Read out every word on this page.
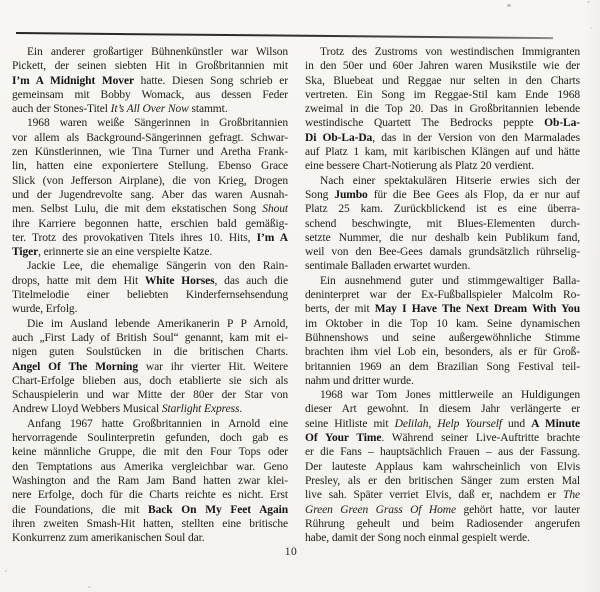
Ein anderer großartiger Bühnenkünstler war Wilson
Pickett, der seinen siebten Hit in Großbritannien mit
I’m A Midnight Mover hatte. Diesen Song schrieb er
gemeinsam mit Bobby Womack, aus dessen Feder
auch der Stones-Titel It’s All Over Now stammt.
1968 waren weiße Sängerinnen in Großbritannien
vor allem als Background-Sängerinnen gefragt. Schwar-
zen Künstlerinnen, wie Tina Turner und Aretha Frank-
lin, hatten eine exponiertere Stellung. Ebenso Grace
Slick (von Jefferson Airplane), die von Krieg, Drogen
und der Jugendrevolte sang. Aber das waren Ausnah-
men. Selbst Lulu, die mit dem ekstatischen Song Shout
ihre Karriere begonnen hatte, erschien bald gemäßig-
ter. Trotz des provokativen Titels ihres 10. Hits, I’m A
Tiger, erinnerte sie an eine verspielte Katze.
Jackie Lee, die ehemalige Sängerin von den Rain-
drops, hatte mit dem Hit White Horses, das auch die
Titelmelodie einer beliebten Kinderfernsehsendung
wurde, Erfolg.
Die im Ausland lebende Amerikanerin P P Arnold,
auch „First Lady of British Soul“ genannt, kam mit ei-
nigen guten Soulstücken in die britischen Charts.
Angel Of The Morning war ihr vierter Hit. Weitere
Chart-Erfolge blieben aus, doch etablierte sie sich als
Schauspielerin und war Mitte der 80er der Star von
Andrew Lloyd Webbers Musical Starlight Express.
Anfang 1967 hatte Großbritannien in Arnold eine
hervorragende Soulinterpretin gefunden, doch gab es
keine männliche Gruppe, die mit den Four Tops oder
den Temptations aus Amerika vergleichbar war. Geno
Washington and the Ram Jam Band hatten zwar klei-
nere Erfolge, doch für die Charts reichte es nicht. Erst
die Foundations, die mit Back On My Feet Again
ihren zweiten Smash-Hit hatten, stellten eine britische
Konkurrenz zum amerikanischen Soul dar.
Trotz des Zustroms von westindischen Immigranten
in den 50er und 60er Jahren waren Musikstile wie der
Ska, Bluebeat und Reggae nur selten in den Charts
vertreten. Ein Song im Reggae-Stil kam Ende 1968
zweimal in die Top 20. Das in Großbritannien lebende
westindische Quartett The Bedrocks peppte Ob-La-
Di Ob-La-Da, das in der Version von den Marmalades
auf Platz 1 kam, mit karibischen Klängen auf und hätte
eine bessere Chart-Notierung als Platz 20 verdient.
Nach einer spektakulären Hitserie erwies sich der
Song Jumbo für die Bee Gees als Flop, da er nur auf
Platz 25 kam. Zurückblickend ist es eine überra-
schend beschwingte, mit Blues-Elementen durch-
setzte Nummer, die nur deshalb kein Publikum fand,
weil von den Bee-Gees damals grundsätzlich rührselig-
sentimale Balladen erwartet wurden.
Ein ausnehmend guter und stimmgewaltiger Balla-
deninterpret war der Ex-Fußballspieler Malcolm Ro-
berts, der mit May I Have The Next Dream With You
im Oktober in die Top 10 kam. Seine dynamischen
Bühnenshows und seine außergewöhnliche Stimme
brachten ihm viel Lob ein, besonders, als er für Groß-
britannien 1969 an dem Brazilian Song Festival teil-
nahm und dritter wurde.
1968 war Tom Jones mittlerweile an Huldigungen
dieser Art gewohnt. In diesem Jahr verlängerte er
seine Hitliste mit Delilah, Help Yourself und A Minute
Of Your Time. Während seiner Live-Auftritte brachte
er die Fans – hauptsächlich Frauen – aus der Fassung.
Der lauteste Applaus kam wahrscheinlich von Elvis
Presley, als er den britischen Sänger zum ersten Mal
live sah. Später verriet Elvis, daß er, nachdem er The
Green Green Grass Of Home gehört hatte, vor lauter
Rührung geheult und beim Radiosender angerufen
habe, damit der Song noch einmal gespielt werde.
10
